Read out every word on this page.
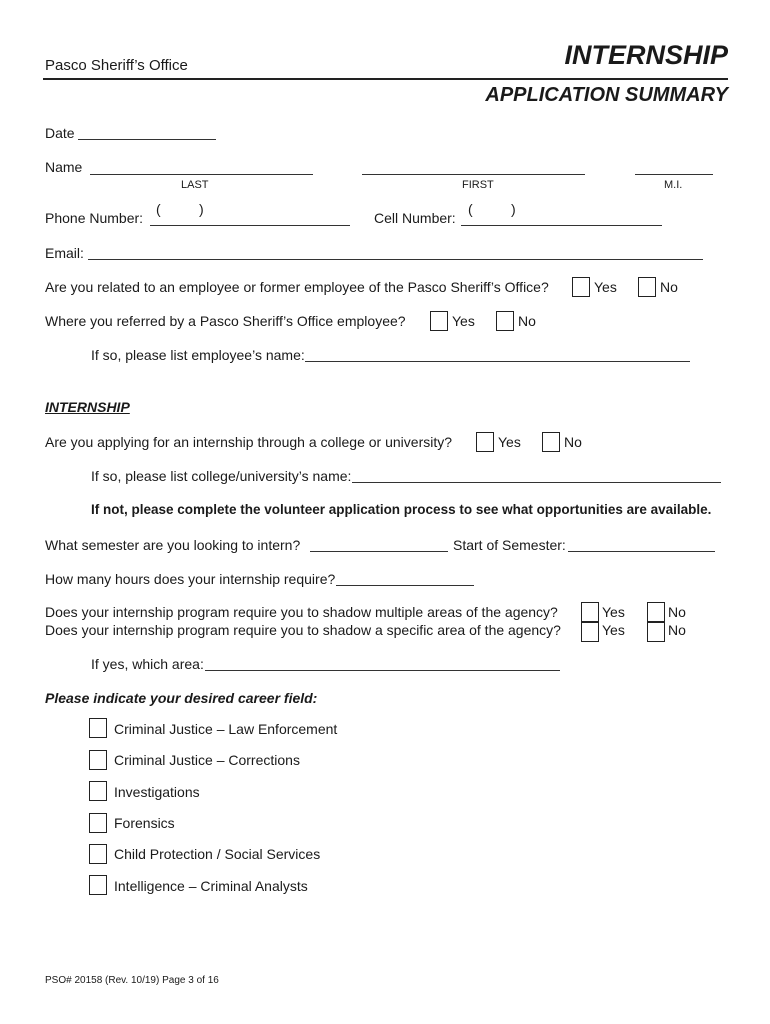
Pasco Sheriff’s Office	INTERNSHIP
APPLICATION SUMMARY
Date
Name
LAST	FIRST	M.I.
Phone Number:
(	)
Cell Number:
(	)
Email:
Are you related to an employee or former employee of the Pasco Sheriff’s Office?	Yes	No
Where you referred by a Pasco Sheriff’s Office employee?	Yes	No
If so, please list employee’s name:
INTERNSHIP
Are you applying for an internship through a college or university?	Yes	No
If so, please list college/university’s name:
If not, please complete the volunteer application process to see what opportunities are available.
What semester are you looking to intern?	Start of Semester:
How many hours does your internship require?
Does your internship program require you to shadow multiple areas of the agency?	Yes	No
Does your internship program require you to shadow a specific area of the agency?	Yes	No
If yes, which area:
Please indicate your desired career field:
Criminal Justice – Law Enforcement
Criminal Justice – Corrections
Investigations
Forensics
Child Protection / Social Services
Intelligence – Criminal Analysts
PSO# 20158 (Rev. 10/19) Page 3 of 16
